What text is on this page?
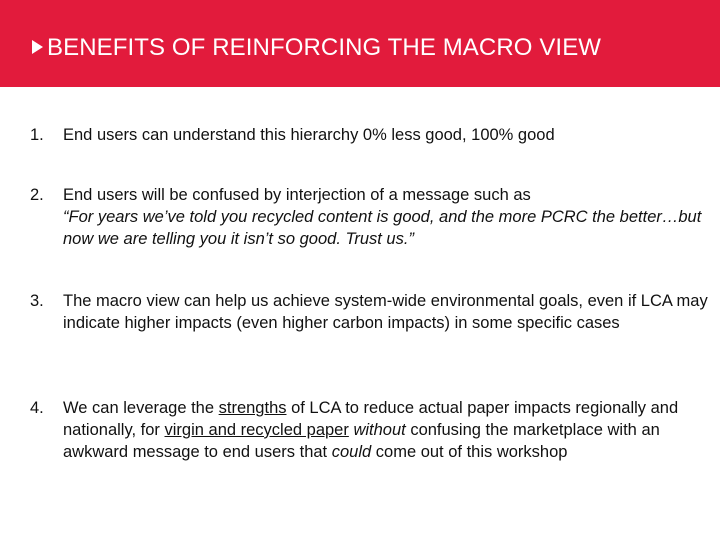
BENEFITS OF REINFORCING THE MACRO VIEW
1.	End users can understand this hierarchy 0% less good, 100% good
2.	End users will be confused by interjection of a message such as
“For years we’ve told you recycled content is good, and the more PCRC the better…but now we are telling you it isn’t so good. Trust us.”
3.	The macro view can help us achieve system-wide environmental goals, even if LCA may indicate higher impacts (even higher carbon impacts) in some specific cases
4.	We can leverage the strengths of LCA to reduce actual paper impacts regionally and nationally, for virgin and recycled paper without confusing the marketplace with an awkward message to end users that could come out of this workshop
